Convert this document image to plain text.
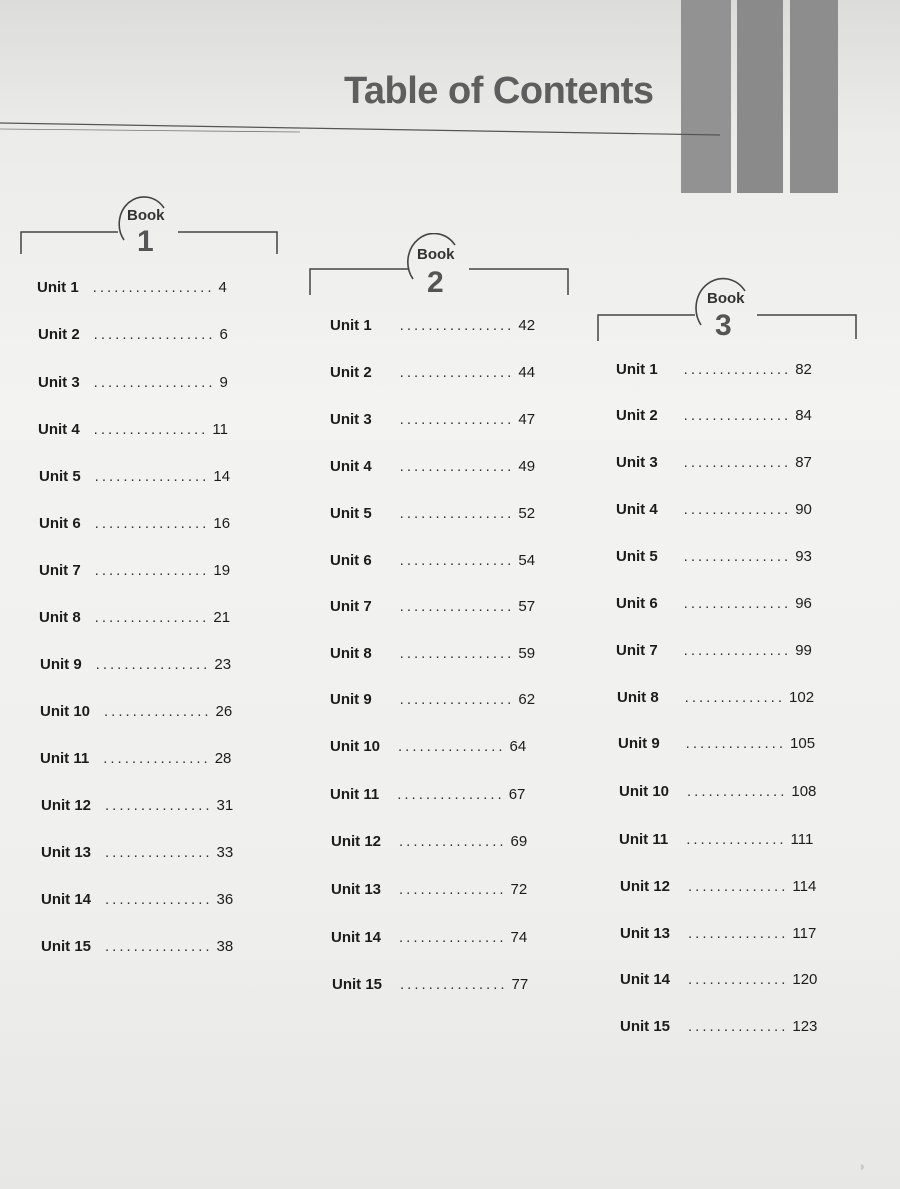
Table of Contents
Book
1	Book
2	Book
3
Unit 1 ................. 4
Unit 2 ................. 6
Unit 3 ................. 9
Unit 4 ................ 11
Unit 5 ................ 14
Unit 6 ................ 16
Unit 7 ................ 19
Unit 8 ................ 21
Unit 9 ................ 23
Unit 10 ............... 26
Unit 11 ............... 28
Unit 12 ............... 31
Unit 13 ............... 33
Unit 14 ............... 36
Unit 15 ............... 38
Unit 1 ................ 42
Unit 2 ................ 44
Unit 3 ................ 47
Unit 4 ................ 49
Unit 5 ................ 52
Unit 6 ................ 54
Unit 7 ................ 57
Unit 8 ................ 59
Unit 9 ................ 62
Unit 10 ............... 64
Unit 11 ............... 67
Unit 12 ............... 69
Unit 13 ............... 72
Unit 14 ............... 74
Unit 15 ............... 77
Unit 1 ............... 82
Unit 2 ............... 84
Unit 3 ............... 87
Unit 4 ............... 90
Unit 5 ............... 93
Unit 6 ............... 96
Unit 7 ............... 99
Unit 8 .............. 102
Unit 9 .............. 105
Unit 10 .............. 108
Unit 11 .............. 111
Unit 12 .............. 114
Unit 13 .............. 117
Unit 14 .............. 120
Unit 15 .............. 123
◗
